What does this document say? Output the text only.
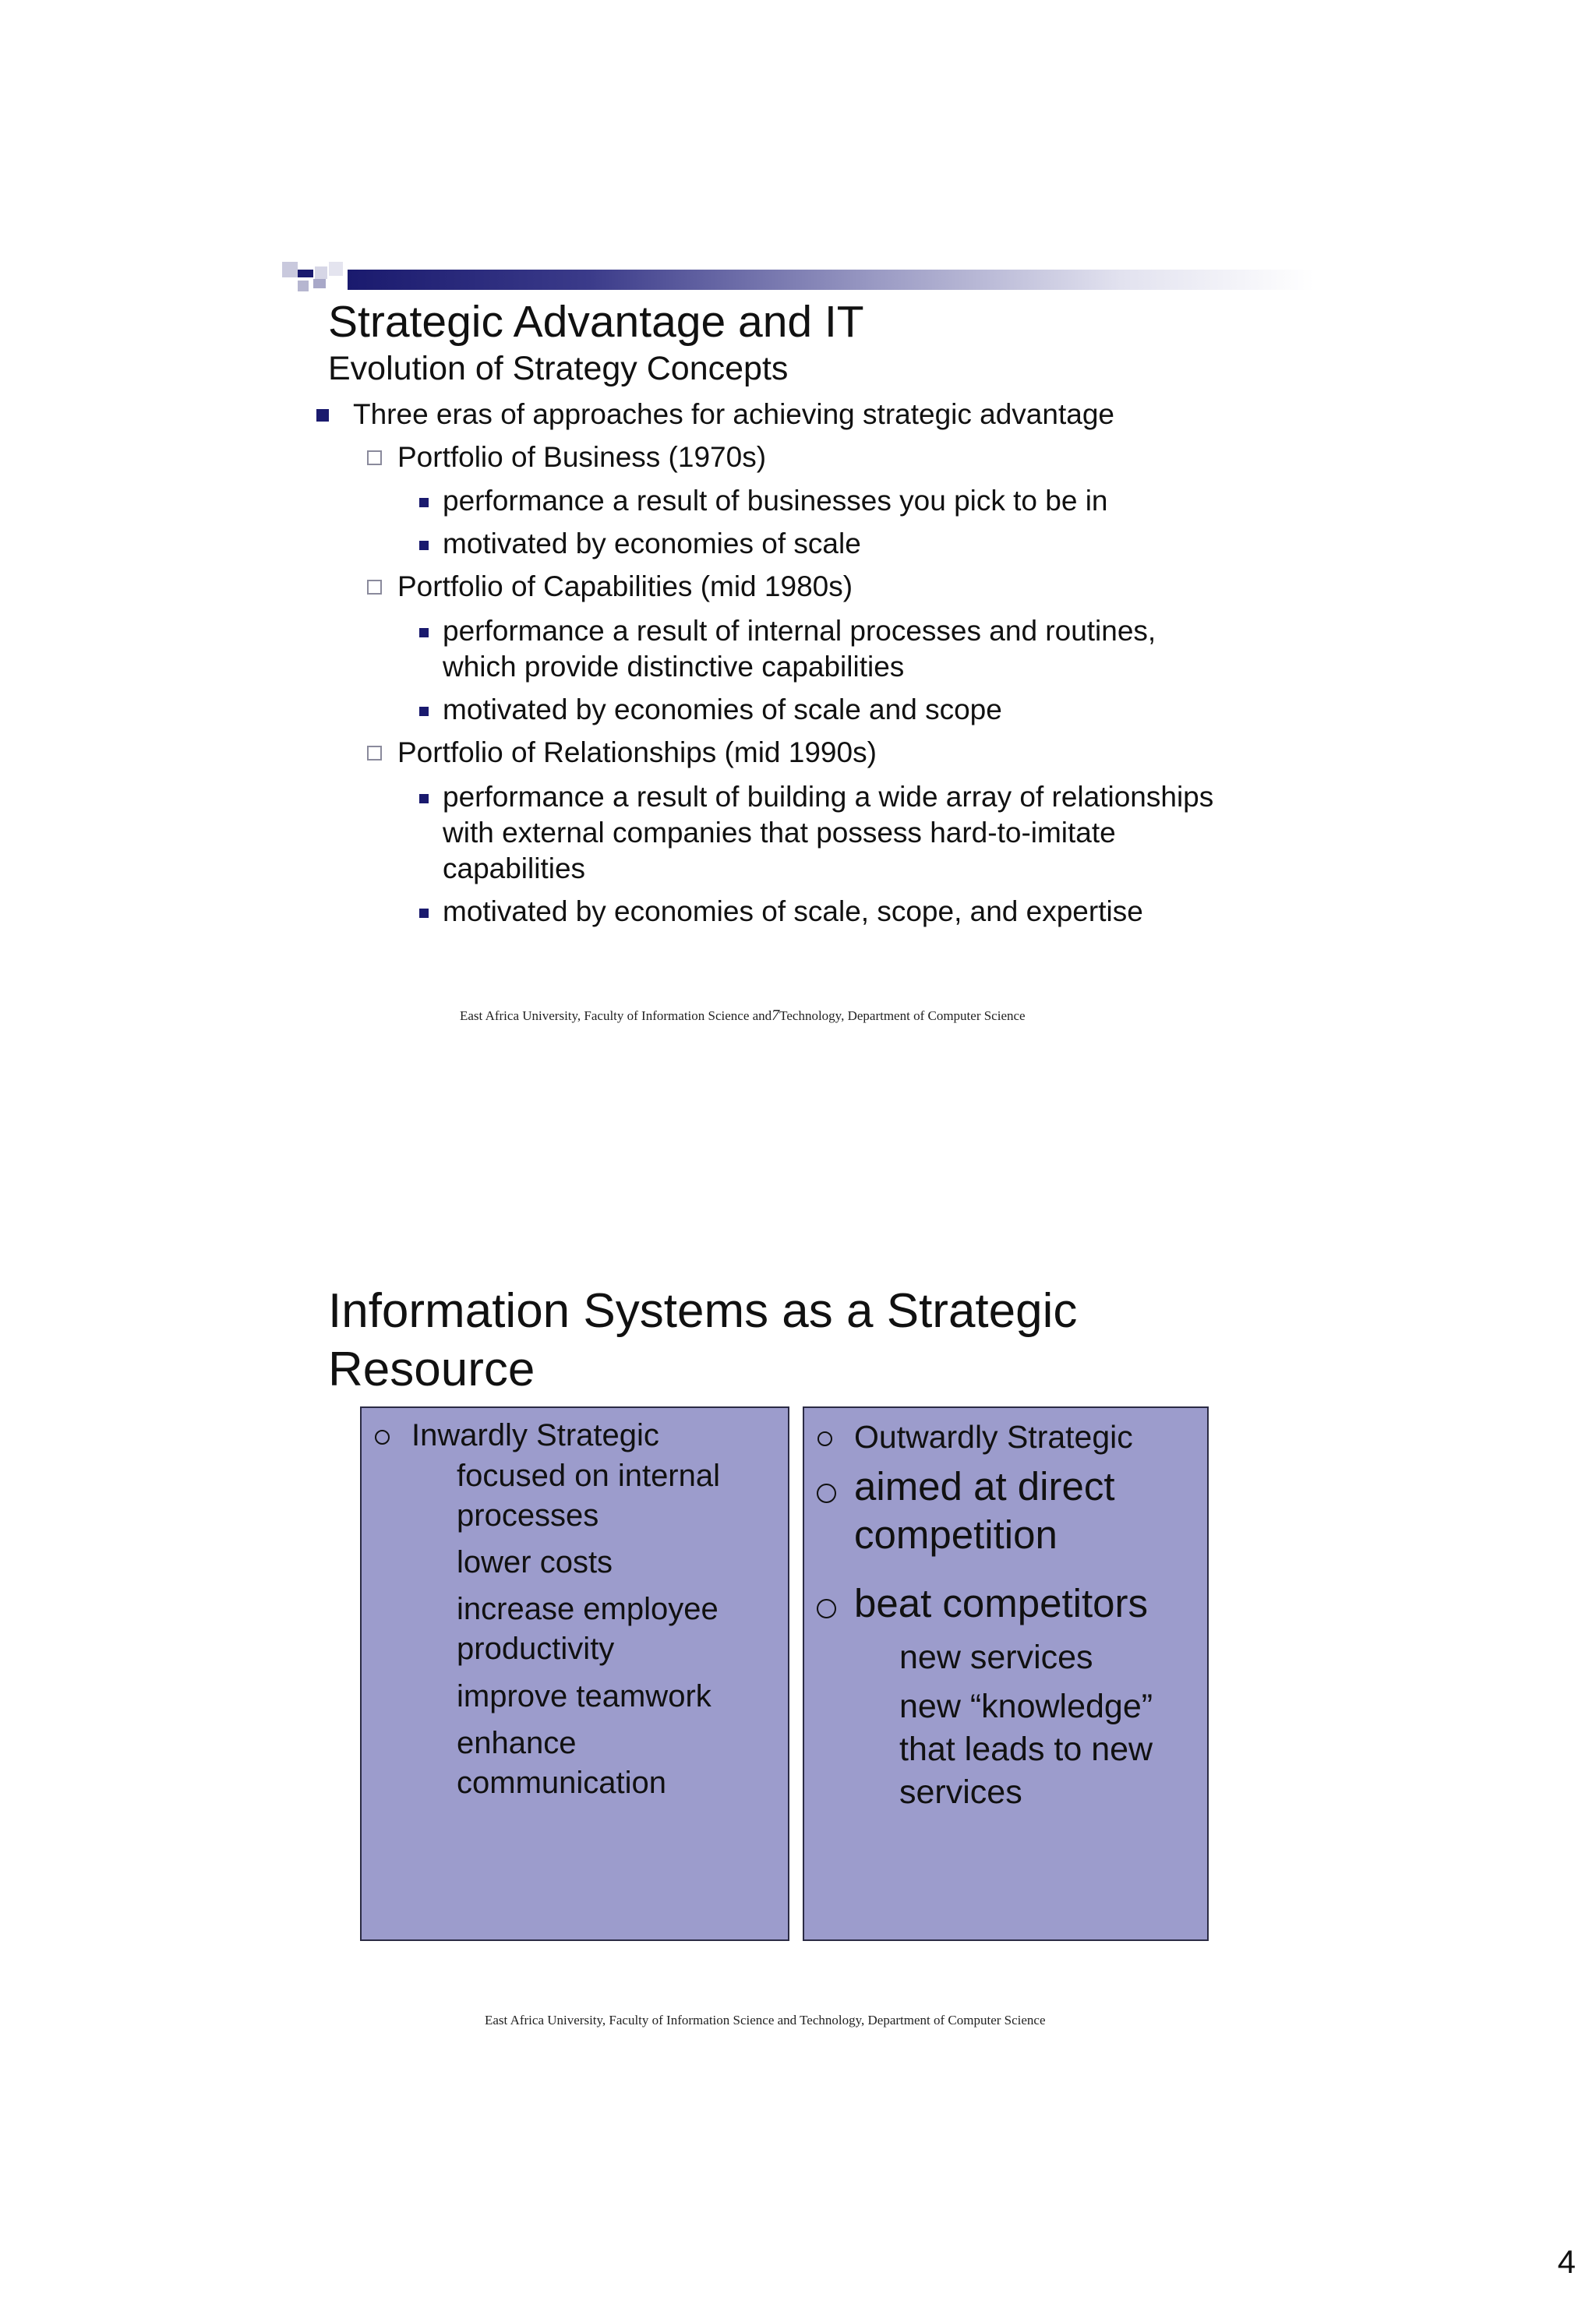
Strategic Advantage and IT
Evolution of Strategy Concepts
Three eras of approaches for achieving strategic advantage
Portfolio of Business (1970s)
performance a result of businesses you pick to be in
motivated by economies of scale
Portfolio of Capabilities (mid 1980s)
performance a result of internal processes and routines,
which provide distinctive capabilities
motivated by economies of scale and scope
Portfolio of Relationships (mid 1990s)
performance a result of building a wide array of relationships
with external companies that possess hard-to-imitate
capabilities
motivated by economies of scale, scope, and expertise
East Africa University, Faculty of Information Science and7Technology, Department of Computer Science
Information Systems as a Strategic Resource
Inwardly Strategic
focused on internal processes
lower costs
increase employee productivity
improve teamwork
enhance communication
Outwardly Strategic
aimed at direct competition
beat competitors
new services
new “knowledge” that leads to new services
East Africa University, Faculty of Information Science and Technology, Department of Computer Science
4
